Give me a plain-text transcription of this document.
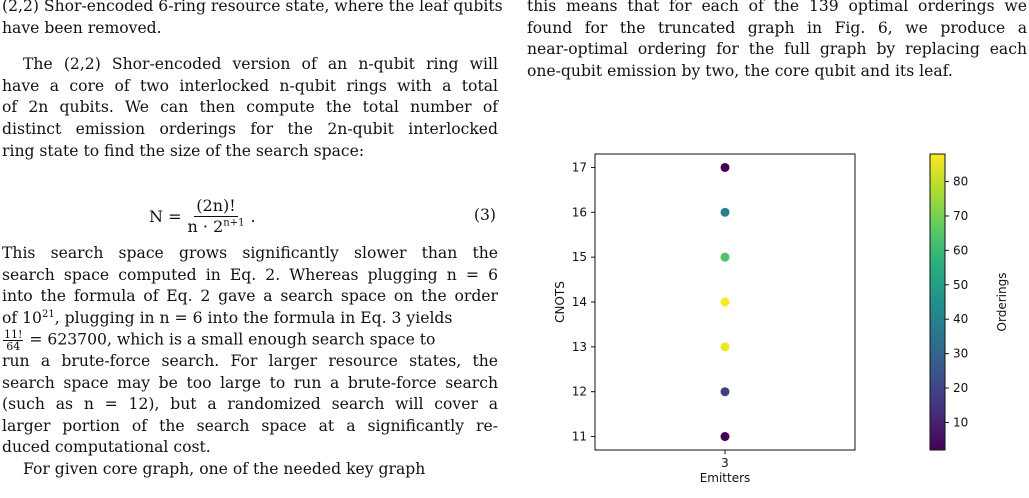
(2,2) Shor-encoded 6-ring resource state, where the leaf qubits
have been removed.
The (2,2) Shor-encoded version of an n-qubit ring will
have a core of two interlocked n-qubit rings with a total
of 2n qubits. We can then compute the total number of
distinct emission orderings for the 2n-qubit interlocked
ring state to find the size of the search space:
$N = \frac{(2n)!}{n \cdot 2^{n+1}}$ .	(3)
This search space grows significantly slower than the
search space computed in Eq. 2. Whereas plugging n = 6
into the formula of Eq. 2 gave a search space on the order
of $10^{21}$, plugging in n = 6 into the formula in Eq. 3 yields
$\frac{11!}{64} = 623700$, which is a small enough search space to
run a brute-force search. For larger resource states, the
search space may be too large to run a brute-force search
(such as n = 12), but a randomized search will cover a
larger portion of the search space at a significantly re-
duced computational cost.
For given core graph, one of the needed key graph
this means that for each of the 139 optimal orderings we
found for the truncated graph in Fig. 6, we produce a
near-optimal ordering for the full graph by replacing each
one-qubit emission by two, the core qubit and its leaf.
11
12
13
14
15
16
17
3
CNOTS
Emitters
10
20
30
40
50
60
70
80
Orderings
